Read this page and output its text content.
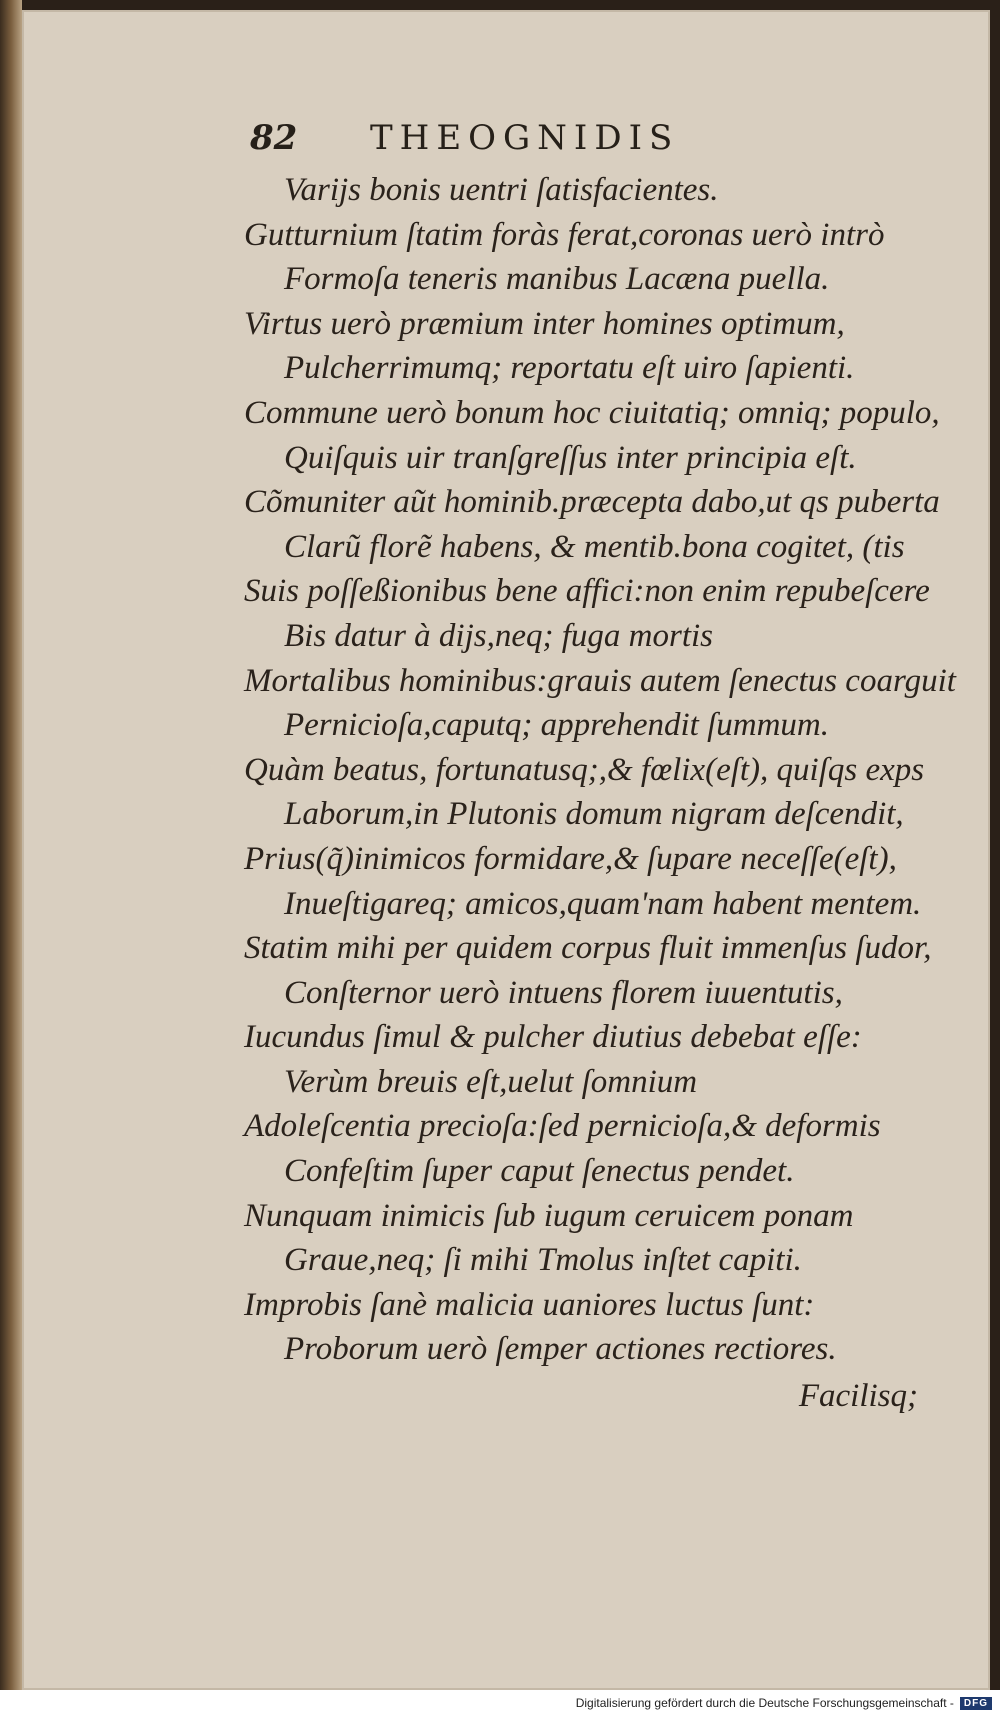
82 THEOGNIDIS
Varijs bonis uentri ſatisfacientes.
Gutturnium ſtatim foràs ferat,coronas uerò intrò
Formoſa teneris manibus Lacæna puella.
Virtus uerò præmium inter homines optimum,
Pulcherrimumq; reportatu eſt uiro ſapienti.
Commune uerò bonum hoc ciuitatiq; omniq; populo,
Quiſquis uir tranſgreſſus inter principia eſt.
Cõmuniter aũt hominib.præcepta dabo,ut qs puberta
Clarũ florẽ habens, & mentib.bona cogitet, (tis
Suis poſſeßionibus bene affici:non enim repubeſcere
Bis datur à dijs,neq; fuga mortis
Mortalibus hominibus:grauis autem ſenectus coarguit
Pernicioſa,caputq; apprehendit ſummum.
Quàm beatus, fortunatusq;,& fœlix(eſt), quiſqs exps
Laborum,in Plutonis domum nigram deſcendit,
Prius(q̃)inimicos formidare,& ſupare neceſſe(eſt),
Inueſtigareq; amicos,quam'nam habent mentem.
Statim mihi per quidem corpus fluit immenſus ſudor,
Conſternor uerò intuens florem iuuentutis,
Iucundus ſimul & pulcher diutius debebat eſſe:
Verùm breuis eſt,uelut ſomnium
Adoleſcentia precioſa:ſed pernicioſa,& deformis
Confeſtim ſuper caput ſenectus pendet.
Nunquam inimicis ſub iugum ceruicem ponam
Graue,neq; ſi mihi Tmolus inſtet capiti.
Improbis ſanè malicia uaniores luctus ſunt:
Proborum uerò ſemper actiones rectiores.
Facilisq;
Digitalisierung gefördert durch die Deutsche Forschungsgemeinschaft -	DFG
